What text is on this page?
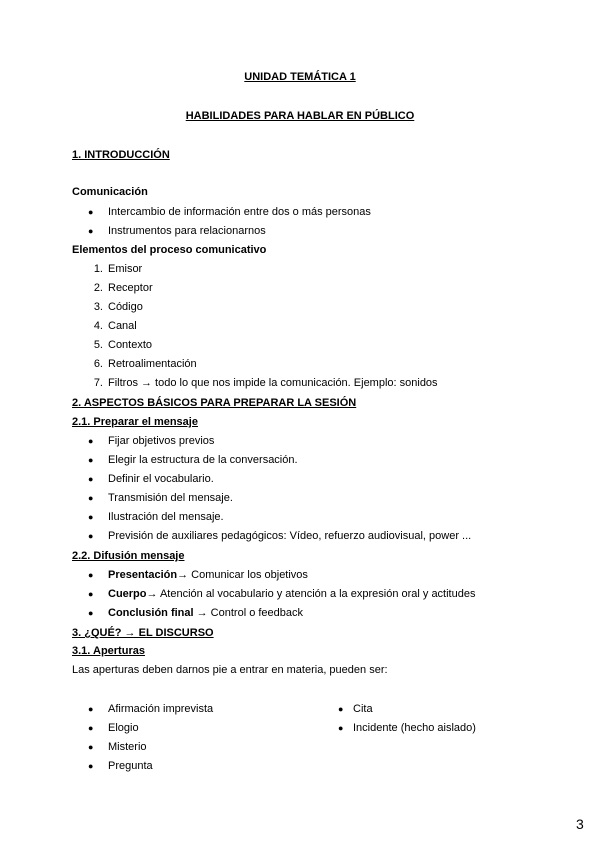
UNIDAD TEMÁTICA 1
HABILIDADES PARA HABLAR EN PÚBLICO
1. INTRODUCCIÓN
Comunicación
● Intercambio de información entre dos o más personas
● Instrumentos para relacionarnos
Elementos del proceso comunicativo
1. Emisor
2. Receptor
3. Código
4. Canal
5. Contexto
6. Retroalimentación
7. Filtros → todo lo que nos impide la comunicación. Ejemplo: sonidos
2. ASPECTOS BÁSICOS PARA PREPARAR LA SESIÓN
2.1. Preparar el mensaje
● Fijar objetivos previos
● Elegir la estructura de la conversación.
● Definir el vocabulario.
● Transmisión del mensaje.
● Ilustración del mensaje.
● Previsión de auxiliares pedagógicos: Vídeo, refuerzo audiovisual, power ...
2.2. Difusión mensaje
● Presentación→ Comunicar los objetivos
● Cuerpo→ Atención al vocabulario y atención a la expresión oral y actitudes
● Conclusión final → Control o feedback
3. ¿QUÉ? → EL DISCURSO
3.1. Aperturas
Las aperturas deben darnos pie a entrar en materia, pueden ser:
● Afirmación imprevista
● Elogio
● Misterio
● Pregunta
● Cita
● Incidente (hecho aislado)
3
